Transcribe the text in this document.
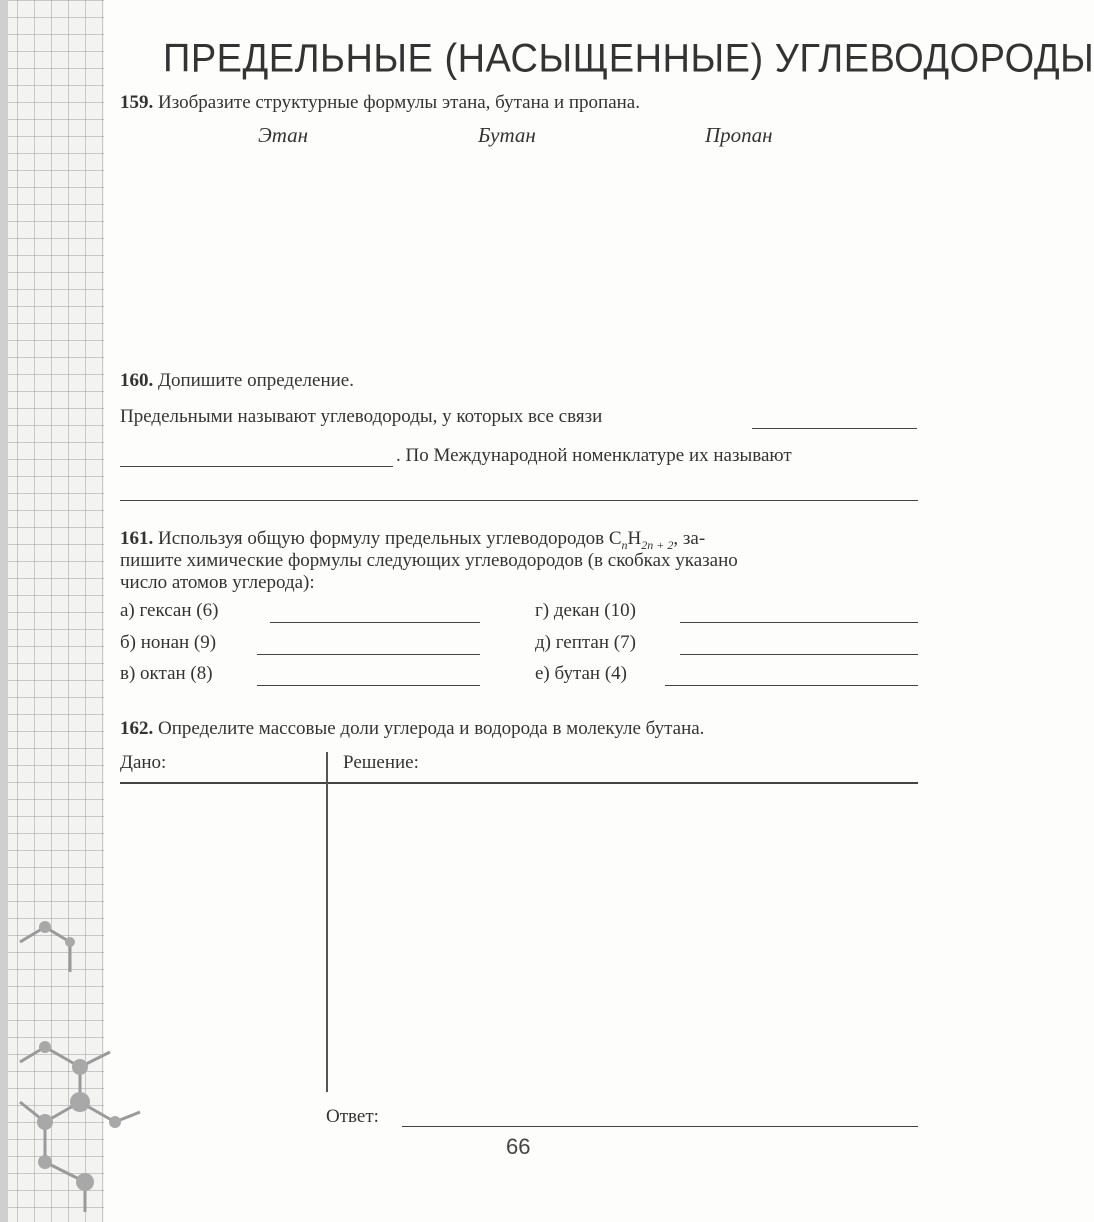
ПРЕДЕЛЬНЫЕ (НАСЫЩЕННЫЕ) УГЛЕВОДОРОДЫ
159. Изобразите структурные формулы этана, бутана и пропана.
Этан	Бутан	Пропан
160. Допишите определение.
Предельными называют углеводороды, у которых все связи
. По Международной номенклатуре их называют
161. Используя общую формулу предельных углеводородов $C_nH_{2n + 2}$, за-
пишите химические формулы следующих углеводородов (в скобках указано
число атомов углерода):
а) гексан (6)
б) нонан (9)
в) октан (8)
г) декан (10)
д) гептан (7)
е) бутан (4)
162. Определите массовые доли углерода и водорода в молекуле бутана.
Дано:	Решение:
Ответ:
66
